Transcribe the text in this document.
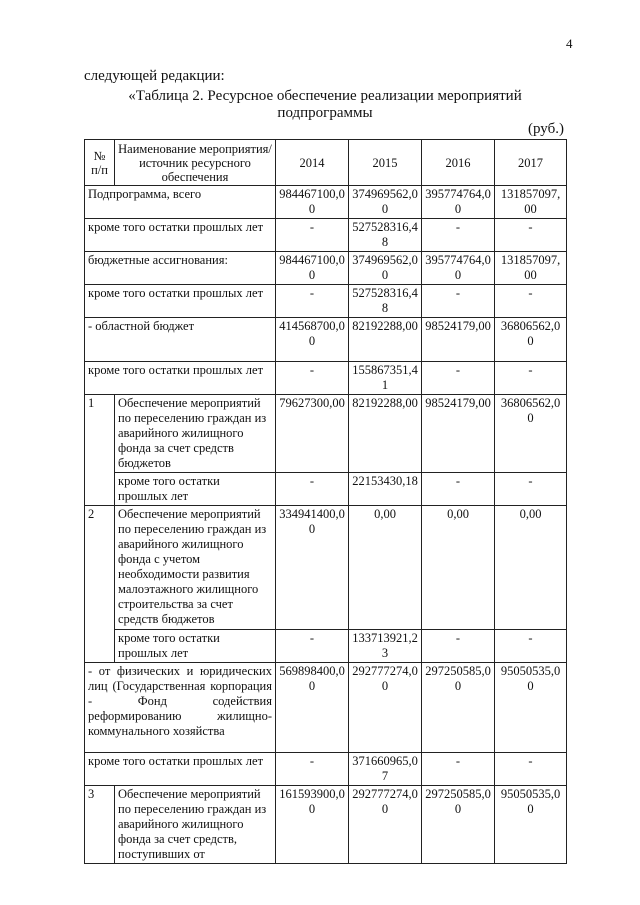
4
следующей редакции:
«Таблица 2. Ресурсное обеспечение реализации мероприятий подпрограммы
(руб.)
№ п/п	Наименование мероприятия/источник ресурсного обеспечения	2014	2015	2016	2017
Подпрограмма, всего		984467100,00	374969562,00	395774764,00	131857097,00
кроме того остатки прошлых лет		-	527528316,48	-	-
бюджетные ассигнования:		984467100,00	374969562,00	395774764,00	131857097,00
кроме того остатки прошлых лет		-	527528316,48	-	-
- областной бюджет		414568700,00	82192288,00	98524179,00	36806562,00
кроме того остатки прошлых лет		-	155867351,41	-	-
1	Обеспечение мероприятий по переселению граждан из аварийного жилищного фонда за счет средств бюджетов	79627300,00	82192288,00	98524179,00	36806562,00
	кроме того остатки прошлых лет	-	22153430,18	-	-
2	Обеспечение мероприятий по переселению граждан из аварийного жилищного фонда с учетом необходимости развития малоэтажного жилищного строительства за счет средств бюджетов	334941400,00	0,00	0,00	0,00
	кроме того остатки прошлых лет	-	133713921,23	-	-
- от физических и юридических лиц (Государственная корпорация - Фонд содействия реформированию жилищно-коммунального хозяйства		569898400,00	292777274,00	297250585,00	95050535,00
кроме того остатки прошлых лет		-	371660965,07	-	-
3	Обеспечение мероприятий по переселению граждан из аварийного жилищного фонда за счет средств, поступивших от	161593900,00	292777274,00	297250585,00	95050535,00
